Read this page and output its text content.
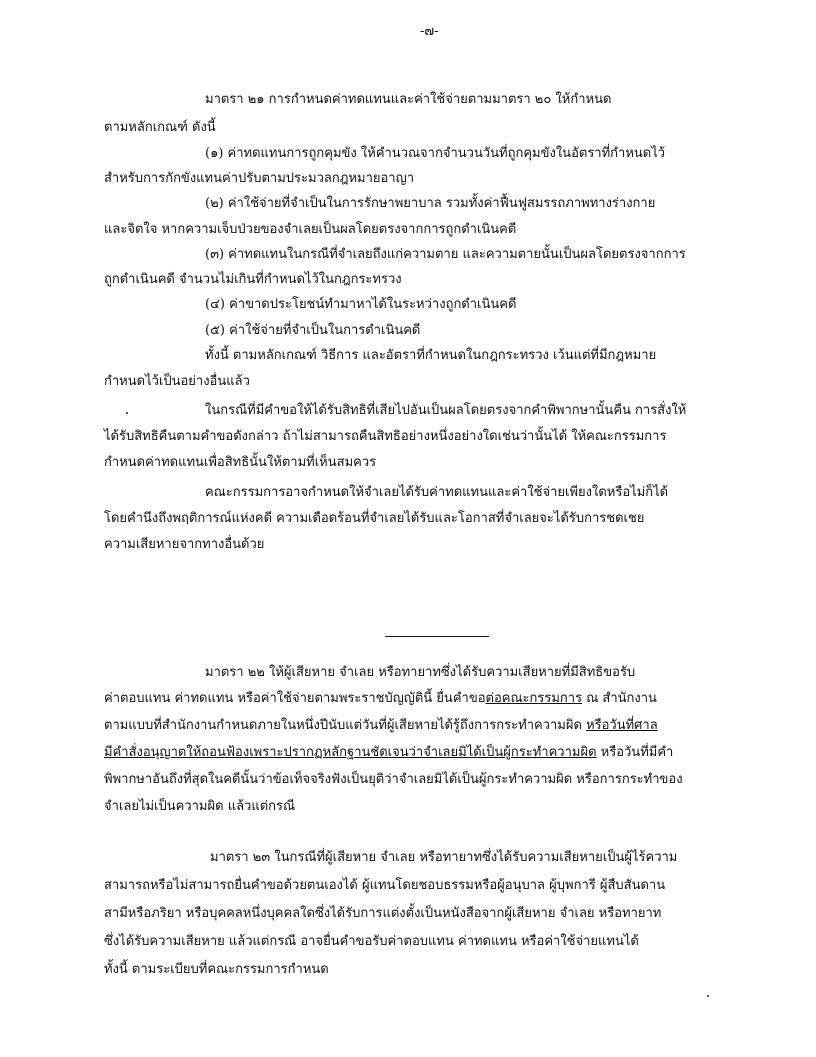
-๗-

มาตรา ๒๑ การกำหนดค่าทดแทนและค่าใช้จ่ายตามมาตรา ๒๐ ให้กำหนด

ตามหลักเกณฑ์ ดังนี้

(๑) ค่าทดแทนการถูกคุมขัง ให้คำนวณจากจำนวนวันที่ถูกคุมขังในอัตราที่กำหนดไว้

สำหรับการกักขังแทนค่าปรับตามประมวลกฎหมายอาญา

(๒) ค่าใช้จ่ายที่จำเป็นในการรักษาพยาบาล รวมทั้งค่าฟื้นฟูสมรรถภาพทางร่างกาย

และจิตใจ หากความเจ็บป่วยของจำเลยเป็นผลโดยตรงจากการถูกดำเนินคดี

(๓) ค่าทดแทนในกรณีที่จำเลยถึงแก่ความตาย และความตายนั้นเป็นผลโดยตรงจากการ

ถูกดำเนินคดี จำนวนไม่เกินที่กำหนดไว้ในกฎกระทรวง

(๔) ค่าขาดประโยชน์ทำมาหาได้ในระหว่างถูกดำเนินคดี

(๕) ค่าใช้จ่ายที่จำเป็นในการดำเนินคดี

ทั้งนี้ ตามหลักเกณฑ์ วิธีการ และอัตราที่กำหนดในกฎกระทรวง เว้นแต่ที่มีกฎหมาย

กำหนดไว้เป็นอย่างอื่นแล้ว

ในกรณีที่มีคำขอให้ได้รับสิทธิที่เสียไปอันเป็นผลโดยตรงจากคำพิพากษานั้นคืน การสั่งให้

ได้รับสิทธิคืนตามคำขอดังกล่าว ถ้าไม่สามารถคืนสิทธิอย่างหนึ่งอย่างใดเช่นว่านั้นได้ ให้คณะกรรมการ

กำหนดค่าทดแทนเพื่อสิทธินั้นให้ตามที่เห็นสมควร

คณะกรรมการอาจกำหนดให้จำเลยได้รับค่าทดแทนและค่าใช้จ่ายเพียงใดหรือไม่ก็ได้

โดยคำนึงถึงพฤติการณ์แห่งคดี ความเดือดร้อนที่จำเลยได้รับและโอกาสที่จำเลยจะได้รับการชดเชย

ความเสียหายจากทางอื่นด้วย

มาตรา ๒๒ ให้ผู้เสียหาย จำเลย หรือทายาทซึ่งได้รับความเสียหายที่มีสิทธิขอรับ

ค่าตอบแทน ค่าทดแทน หรือค่าใช้จ่ายตามพระราชบัญญัตินี้ ยื่นคำขอต่อคณะกรรมการ ณ สำนักงาน

ตามแบบที่สำนักงานกำหนดภายในหนึ่งปีนับแต่วันที่ผู้เสียหายได้รู้ถึงการกระทำความผิด หรือวันที่ศาล

มีคำสั่งอนุญาตให้ถอนฟ้องเพราะปรากฏหลักฐานชัดเจนว่าจำเลยมิได้เป็นผู้กระทำความผิด หรือวันที่มีคำ

พิพากษาอันถึงที่สุดในคดีนั้นว่าข้อเท็จจริงฟังเป็นยุติว่าจำเลยมิได้เป็นผู้กระทำความผิด หรือการกระทำของ

จำเลยไม่เป็นความผิด แล้วแต่กรณี

มาตรา ๒๓ ในกรณีที่ผู้เสียหาย จำเลย หรือทายาทซึ่งได้รับความเสียหายเป็นผู้ไร้ความ

สามารถหรือไม่สามารถยื่นคำขอด้วยตนเองได้ ผู้แทนโดยชอบธรรมหรือผู้อนุบาล ผู้บุพการี ผู้สืบสันดาน

สามีหรือภริยา หรือบุคคลหนึ่งบุคคลใดซึ่งได้รับการแต่งตั้งเป็นหนังสือจากผู้เสียหาย จำเลย หรือทายาท

ซึ่งได้รับความเสียหาย แล้วแต่กรณี อาจยื่นคำขอรับค่าตอบแทน ค่าทดแทน หรือค่าใช้จ่ายแทนได้

ทั้งนี้ ตามระเบียบที่คณะกรรมการกำหนด
